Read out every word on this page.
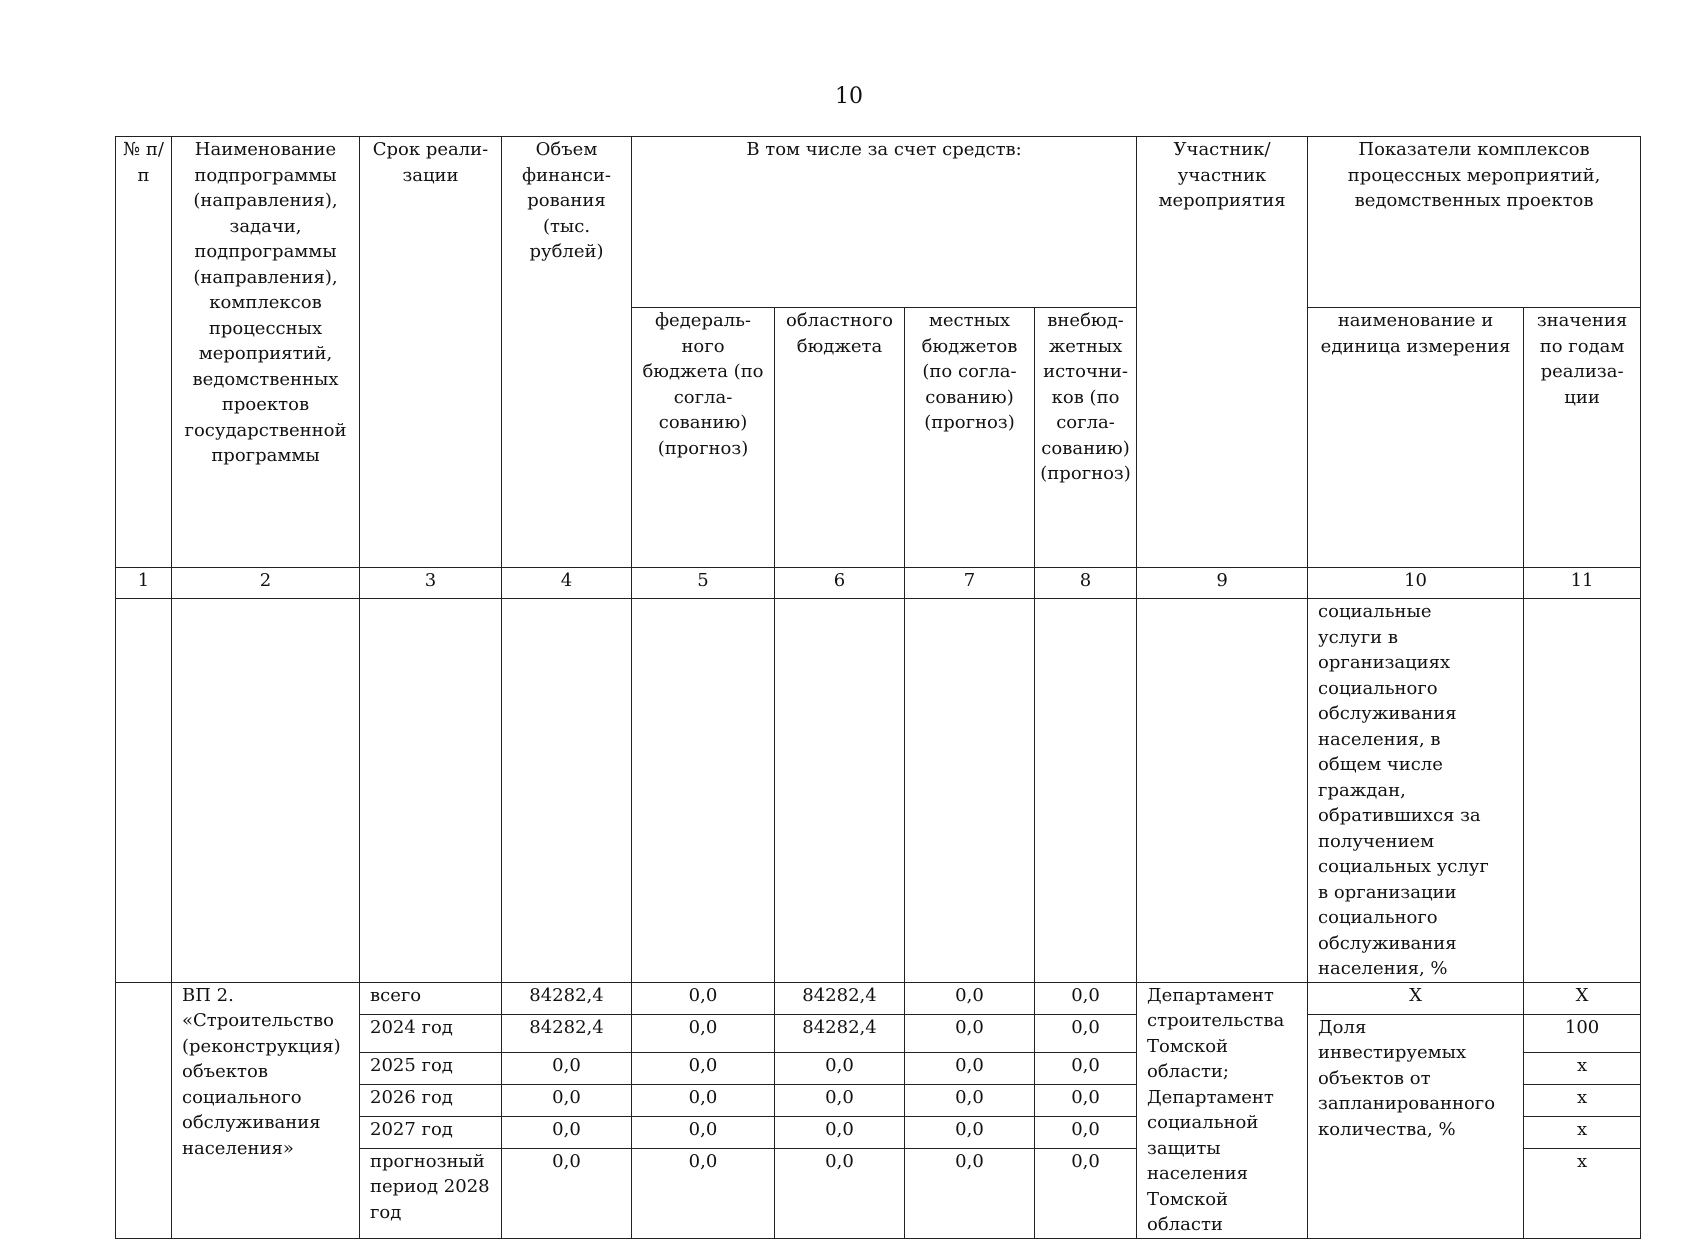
10
№ п/п	Наименование подпрограммы (направления), задачи, подпрограммы (направления), комплексов процессных мероприятий, ведомственных проектов государственной программы	Срок реали-зации	Объем финанси-рования (тыс. рублей)	В том числе за счет средств:				Участник/ участник мероприятия	Показатели комплексов процессных мероприятий, ведомственных проектов	
				федераль-ного бюджета (по согла-сованию) (прогноз)	областного бюджета	местных бюджетов (по согла-сованию) (прогноз)	внебюд-жетных источни-ков (по согла-сованию) (прогноз)		наименование и единица измерения	значения по годам реализа-ции
1	2	3	4	5	6	7	8	9	10	11
									социальные услуги в организациях социального обслуживания населения, в общем числе граждан, обратившихся за получением социальных услуг в организации социального обслуживания населения, %	
	ВП 2. «Строительство (реконструкция) объектов социального обслуживания населения»	всего	84282,4	0,0	84282,4	0,0	0,0	Департамент строительства Томской области; Департамент социальной защиты населения Томской области	Х	Х
		2024 год	84282,4	0,0	84282,4	0,0	0,0		Доля инвестируемых объектов от запланированного количества, %	100
		2025 год	0,0	0,0	0,0	0,0	0,0			х
		2026 год	0,0	0,0	0,0	0,0	0,0			х
		2027 год	0,0	0,0	0,0	0,0	0,0			х
		прогнозный период 2028 год	0,0	0,0	0,0	0,0	0,0			х
